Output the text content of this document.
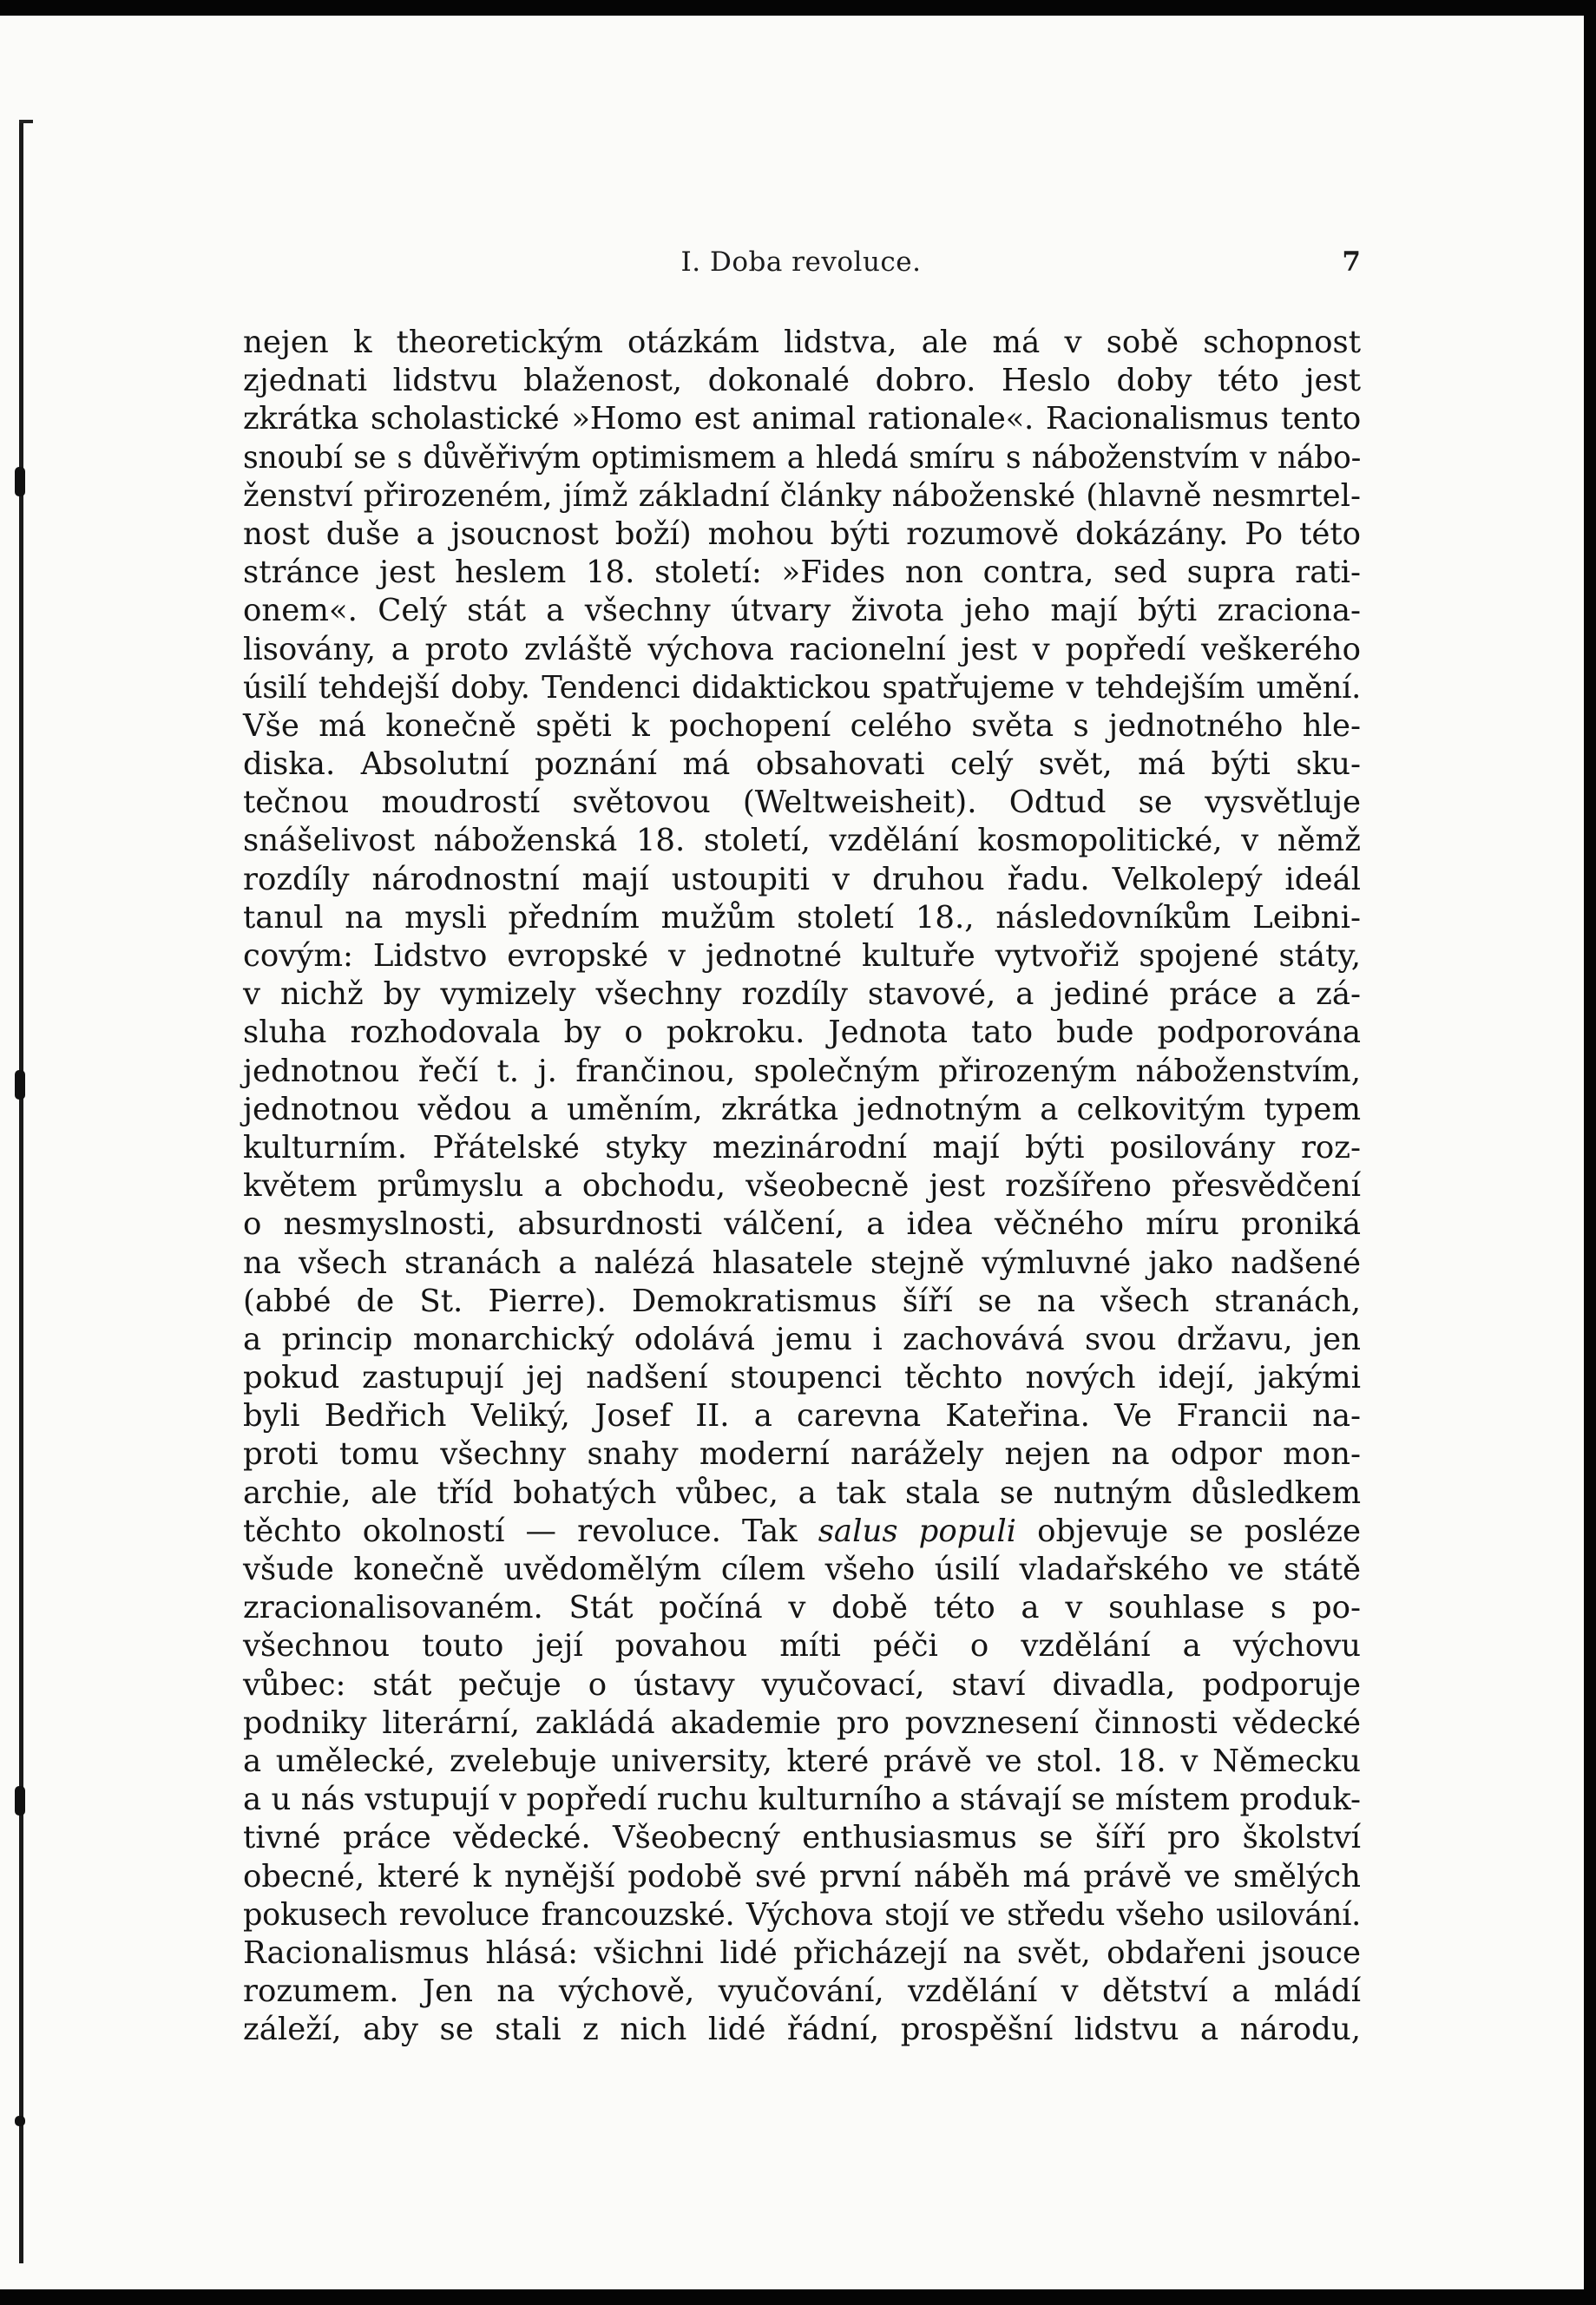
I. Doba revoluce.	7
nejen k theoretickým otázkám lidstva, ale má v sobě schopnost
zjednati lidstvu blaženost, dokonalé dobro. Heslo doby této jest
zkrátka scholastické »Homo est animal rationale«. Racionalismus tento
snoubí se s důvěřivým optimismem a hledá smíru s náboženstvím v nábo-
ženství přirozeném, jímž základní články náboženské (hlavně nesmrtel-
nost duše a jsoucnost boží) mohou býti rozumově dokázány. Po této
stránce jest heslem 18. století: »Fides non contra, sed supra rati-
onem«. Celý stát a všechny útvary života jeho mají býti zraciona-
lisovány, a proto zvláště výchova racionelní jest v popředí veškerého
úsilí tehdejší doby. Tendenci didaktickou spatřujeme v tehdejším umění.
Vše má konečně spěti k pochopení celého světa s jednotného hle-
diska. Absolutní poznání má obsahovati celý svět, má býti sku-
tečnou moudrostí světovou (Weltweisheit). Odtud se vysvětluje
snášelivost náboženská 18. století, vzdělání kosmopolitické, v němž
rozdíly národnostní mají ustoupiti v druhou řadu. Velkolepý ideál
tanul na mysli předním mužům století 18., následovníkům Leibni-
covým: Lidstvo evropské v jednotné kultuře vytvořiž spojené státy,
v nichž by vymizely všechny rozdíly stavové, a jediné práce a zá-
sluha rozhodovala by o pokroku. Jednota tato bude podporována
jednotnou řečí t. j. frančinou, společným přirozeným náboženstvím,
jednotnou vědou a uměním, zkrátka jednotným a celkovitým typem
kulturním. Přátelské styky mezinárodní mají býti posilovány roz-
květem průmyslu a obchodu, všeobecně jest rozšířeno přesvědčení
o nesmyslnosti, absurdnosti válčení, a idea věčného míru proniká
na všech stranách a nalézá hlasatele stejně výmluvné jako nadšené
(abbé de St. Pierre). Demokratismus šíří se na všech stranách,
a princip monarchický odolává jemu i zachovává svou državu, jen
pokud zastupují jej nadšení stoupenci těchto nových idejí, jakými
byli Bedřich Veliký, Josef II. a carevna Kateřina. Ve Francii na-
proti tomu všechny snahy moderní narážely nejen na odpor mon-
archie, ale tříd bohatých vůbec, a tak stala se nutným důsledkem
těchto okolností — revoluce. Tak salus populi objevuje se posléze
všude konečně uvědomělým cílem všeho úsilí vladařského ve státě
zracionalisovaném. Stát počíná v době této a v souhlase s po-
všechnou touto její povahou míti péči o vzdělání a výchovu
vůbec: stát pečuje o ústavy vyučovací, staví divadla, podporuje
podniky literární, zakládá akademie pro povznesení činnosti vědecké
a umělecké, zvelebuje university, které právě ve stol. 18. v Německu
a u nás vstupují v popředí ruchu kulturního a stávají se místem produk-
tivné práce vědecké. Všeobecný enthusiasmus se šíří pro školství
obecné, které k nynější podobě své první náběh má právě ve smělých
pokusech revoluce francouzské. Výchova stojí ve středu všeho usilování.
Racionalismus hlásá: všichni lidé přicházejí na svět, obdařeni jsouce
rozumem. Jen na výchově, vyučování, vzdělání v dětství a mládí
záleží, aby se stali z nich lidé řádní, prospěšní lidstvu a národu,
